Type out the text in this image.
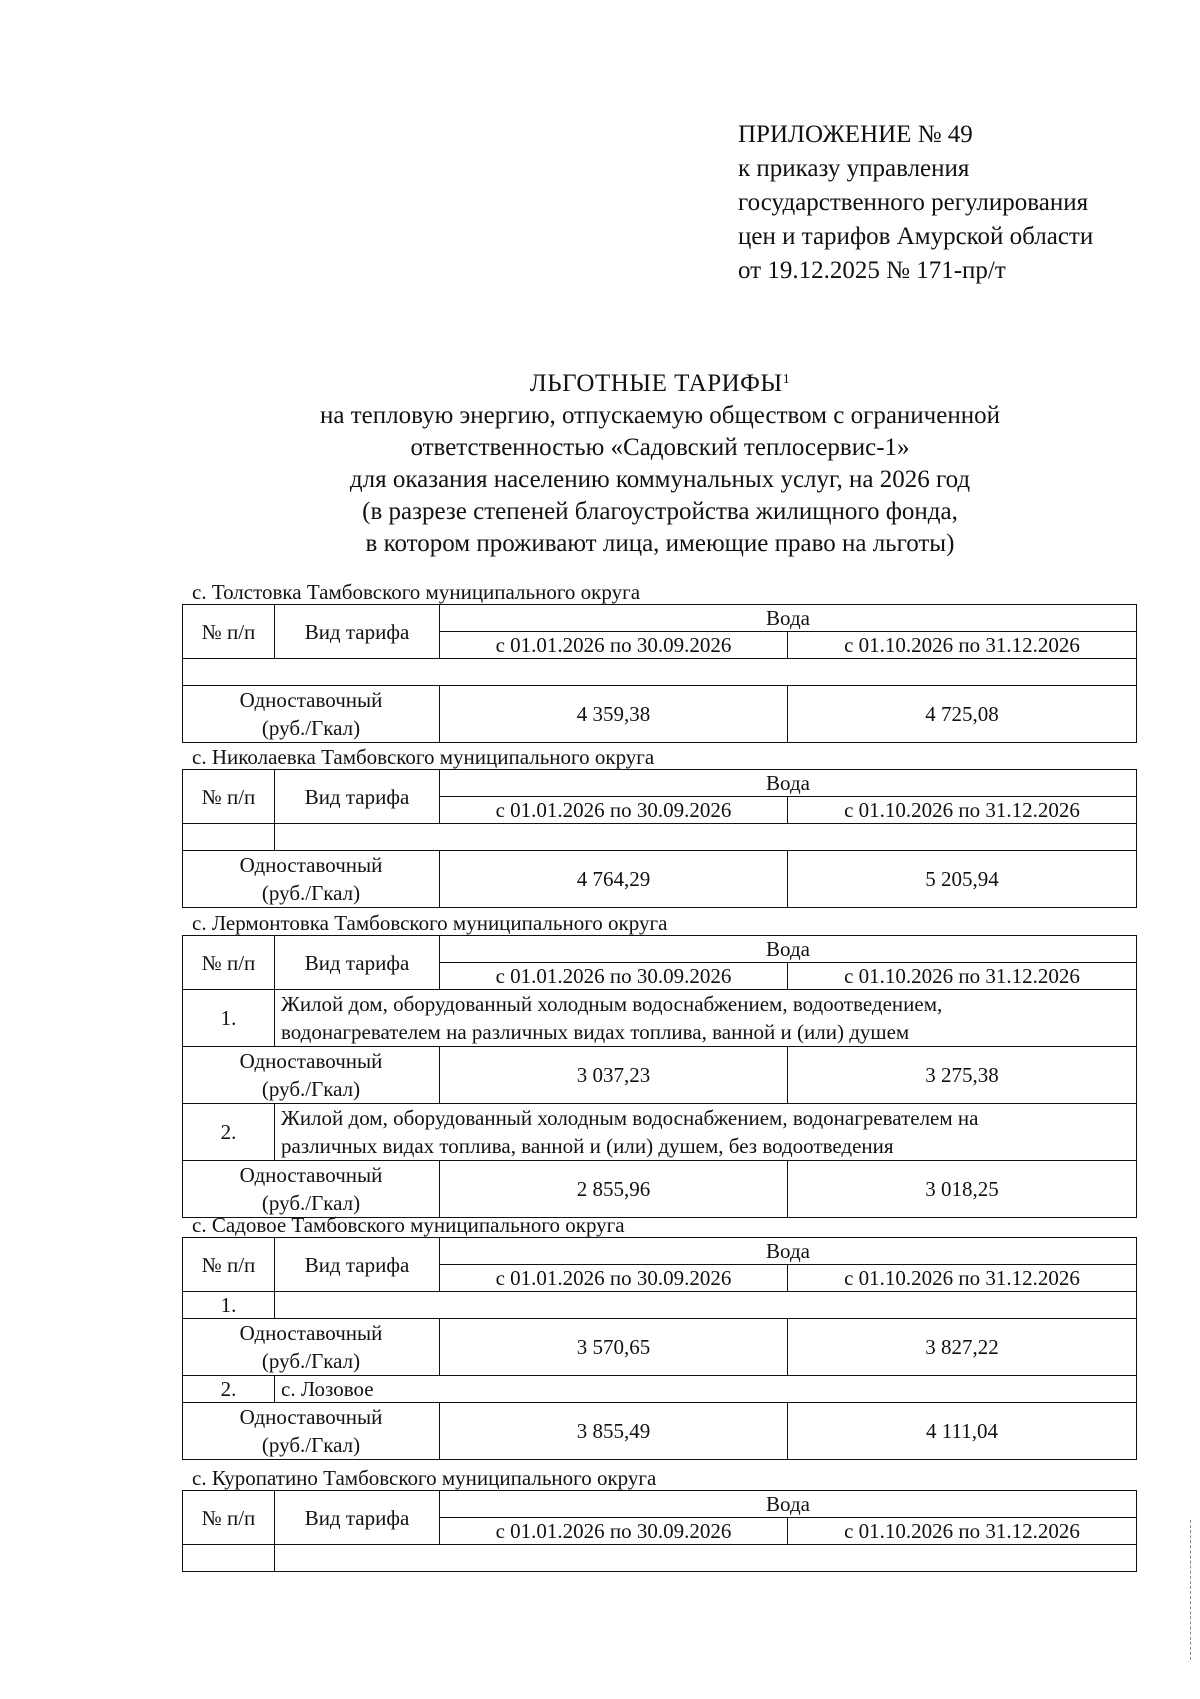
ПРИЛОЖЕНИЕ № 49
к приказу управления
государственного регулирования
цен и тарифов Амурской области
от 19.12.2025 № 171-пр/т
ЛЬГОТНЫЕ ТАРИФЫ$^1$
на тепловую энергию, отпускаемую обществом с ограниченной
ответственностью «Садовский теплосервис-1»
для оказания населению коммунальных услуг, на 2026 год
(в разрезе степеней благоустройства жилищного фонда,
в котором проживают лица, имеющие право на льготы)
с. Толстовка Тамбовского муниципального округа
№ п/п	Вид тарифа	Вода	
		с 01.01.2026 по 30.09.2026	с 01.10.2026 по 31.12.2026

Одноставочный
(руб./Гкал)		4 359,38	4 725,08
с. Николаевка Тамбовского муниципального округа
№ п/п	Вид тарифа	Вода	
		с 01.01.2026 по 30.09.2026	с 01.10.2026 по 31.12.2026

Одноставочный
(руб./Гкал)		4 764,29	5 205,94
с. Лермонтовка Тамбовского муниципального округа
№ п/п	Вид тарифа	Вода	
		с 01.01.2026 по 30.09.2026	с 01.10.2026 по 31.12.2026
1.	Жилой дом, оборудованный холодным водоснабжением, водоотведением,
водонагревателем на различных видах топлива, ванной и (или) душем		
Одноставочный
(руб./Гкал)		3 037,23	3 275,38
2.	Жилой дом, оборудованный холодным водоснабжением, водонагревателем на
различных видах топлива, ванной и (или) душем, без водоотведения		
Одноставочный
(руб./Гкал)		2 855,96	3 018,25
с. Садовое Тамбовского муниципального округа
№ п/п	Вид тарифа	Вода	
		с 01.01.2026 по 30.09.2026	с 01.10.2026 по 31.12.2026
1.			
Одноставочный
(руб./Гкал)		3 570,65	3 827,22
2.	с. Лозовое		
Одноставочный
(руб./Гкал)		3 855,49	4 111,04
с. Куропатино Тамбовского муниципального округа
№ п/п	Вид тарифа	Вода	
		с 01.01.2026 по 30.09.2026	с 01.10.2026 по 31.12.2026
